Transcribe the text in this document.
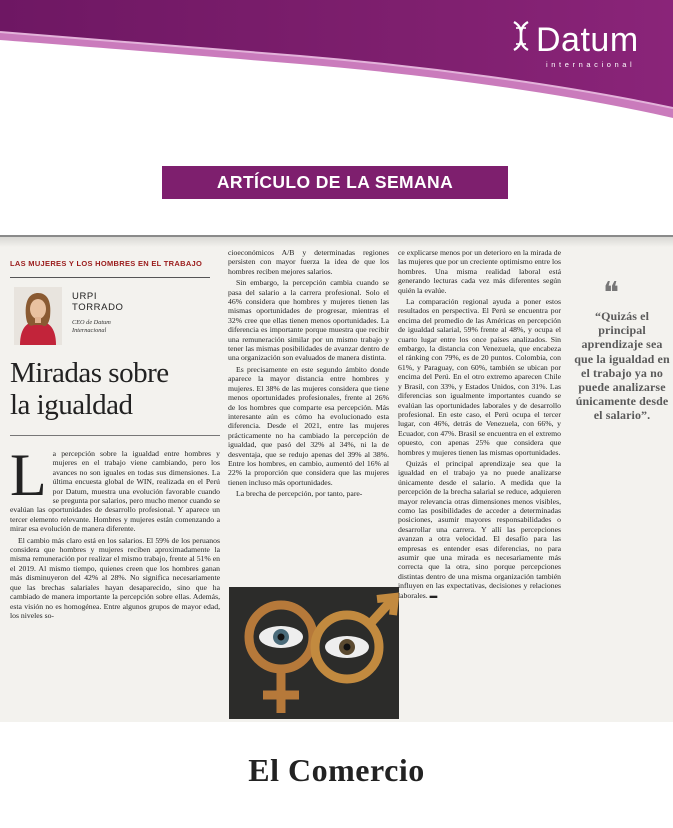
Datum
internacional
ARTÍCULO DE LA SEMANA
LAS MUJERES Y LOS HOMBRES EN EL TRABAJO
URPI
TORRADO
CEO de Datum
Internacional
Miradas sobre
la igualdad

La percepción sobre la igualdad entre hombres y mujeres en el trabajo viene cambiando, pero los avances no son iguales en todas sus dimensiones. La última encuesta global de WIN, realizada en el Perú por Datum, muestra una evolución favorable cuando se pregunta por salarios, pero mucho menor cuando se evalúan las oportunidades de desarrollo profesional. Y aparece un tercer elemento relevante. Hombres y mujeres están comenzando a mirar esa evolución de manera diferente.

El cambio más claro está en los salarios. El 59% de los peruanos considera que hombres y mujeres reciben aproximadamente la misma remuneración por realizar el mismo trabajo, frente al 51% en el 2019. Al mismo tiempo, quienes creen que los hombres ganan más disminuyeron del 42% al 28%. No significa necesariamente que las brechas salariales hayan desaparecido, sino que ha cambiado de manera importante la percepción sobre ellas. Además, esta visión no es homogénea. Entre algunos grupos de mayor edad, los niveles so-

cioeconómicos A/B y determinadas regiones persisten con mayor fuerza la idea de que los hombres reciben mejores salarios.

Sin embargo, la percepción cambia cuando se pasa del salario a la carrera profesional. Solo el 46% considera que hombres y mujeres tienen las mismas oportunidades de progresar, mientras el 32% cree que ellas tienen menos oportunidades. La diferencia es importante porque muestra que recibir una remuneración similar por un mismo trabajo y tener las mismas posibilidades de avanzar dentro de una organización son evaluados de manera distinta.

Es precisamente en este segundo ámbito donde aparece la mayor distancia entre hombres y mujeres. El 38% de las mujeres considera que tiene menos oportunidades profesionales, frente al 26% de los hombres que comparte esa percepción. Más interesante aún es cómo ha evolucionado esta diferencia. Desde el 2021, entre las mujeres prácticamente no ha cambiado la percepción de igualdad, que pasó del 32% al 34%, ni la de desventaja, que se redujo apenas del 39% al 38%. Entre los hombres, en cambio, aumentó del 16% al 22% la proporción que considera que las mujeres tienen incluso más oportunidades.

La brecha de percepción, por tanto, pare-

ce explicarse menos por un deterioro en la mirada de las mujeres que por un creciente optimismo entre los hombres. Una misma realidad laboral está generando lecturas cada vez más diferentes según quién la evalúe.

La comparación regional ayuda a poner estos resultados en perspectiva. El Perú se encuentra por encima del promedio de las Américas en percepción de igualdad salarial, 59% frente al 48%, y ocupa el cuarto lugar entre los once países analizados. Sin embargo, la distancia con Venezuela, que encabeza el ránking con 79%, es de 20 puntos. Colombia, con 61%, y Paraguay, con 60%, también se ubican por encima del Perú. En el otro extremo aparecen Chile y Brasil, con 33%, y Estados Unidos, con 31%. Las diferencias son igualmente importantes cuando se evalúan las oportunidades laborales y de desarrollo profesional. En este caso, el Perú ocupa el tercer lugar, con 46%, detrás de Venezuela, con 66%, y Ecuador, con 47%. Brasil se encuentra en el extremo opuesto, con apenas 25% que considera que hombres y mujeres tienen las mismas oportunidades.

Quizás el principal aprendizaje sea que la igualdad en el trabajo ya no puede analizarse únicamente desde el salario. A medida que la percepción de la brecha salarial se reduce, adquieren mayor relevancia otras dimensiones menos visibles, como las posibilidades de acceder a determinadas posiciones, asumir mayores responsabilidades o desarrollar una carrera. Y allí las percepciones avanzan a otra velocidad. El desafío para las empresas es entender esas diferencias, no para asumir que una mirada es necesariamente más correcta que la otra, sino porque percepciones distintas dentro de una misma organización también influyen en las expectativas, decisiones y relaciones laborales. ▬

❝
“Quizás el principal aprendizaje sea que la igualdad en el trabajo ya no puede analizarse únicamente desde el salario”.
El Comercio
